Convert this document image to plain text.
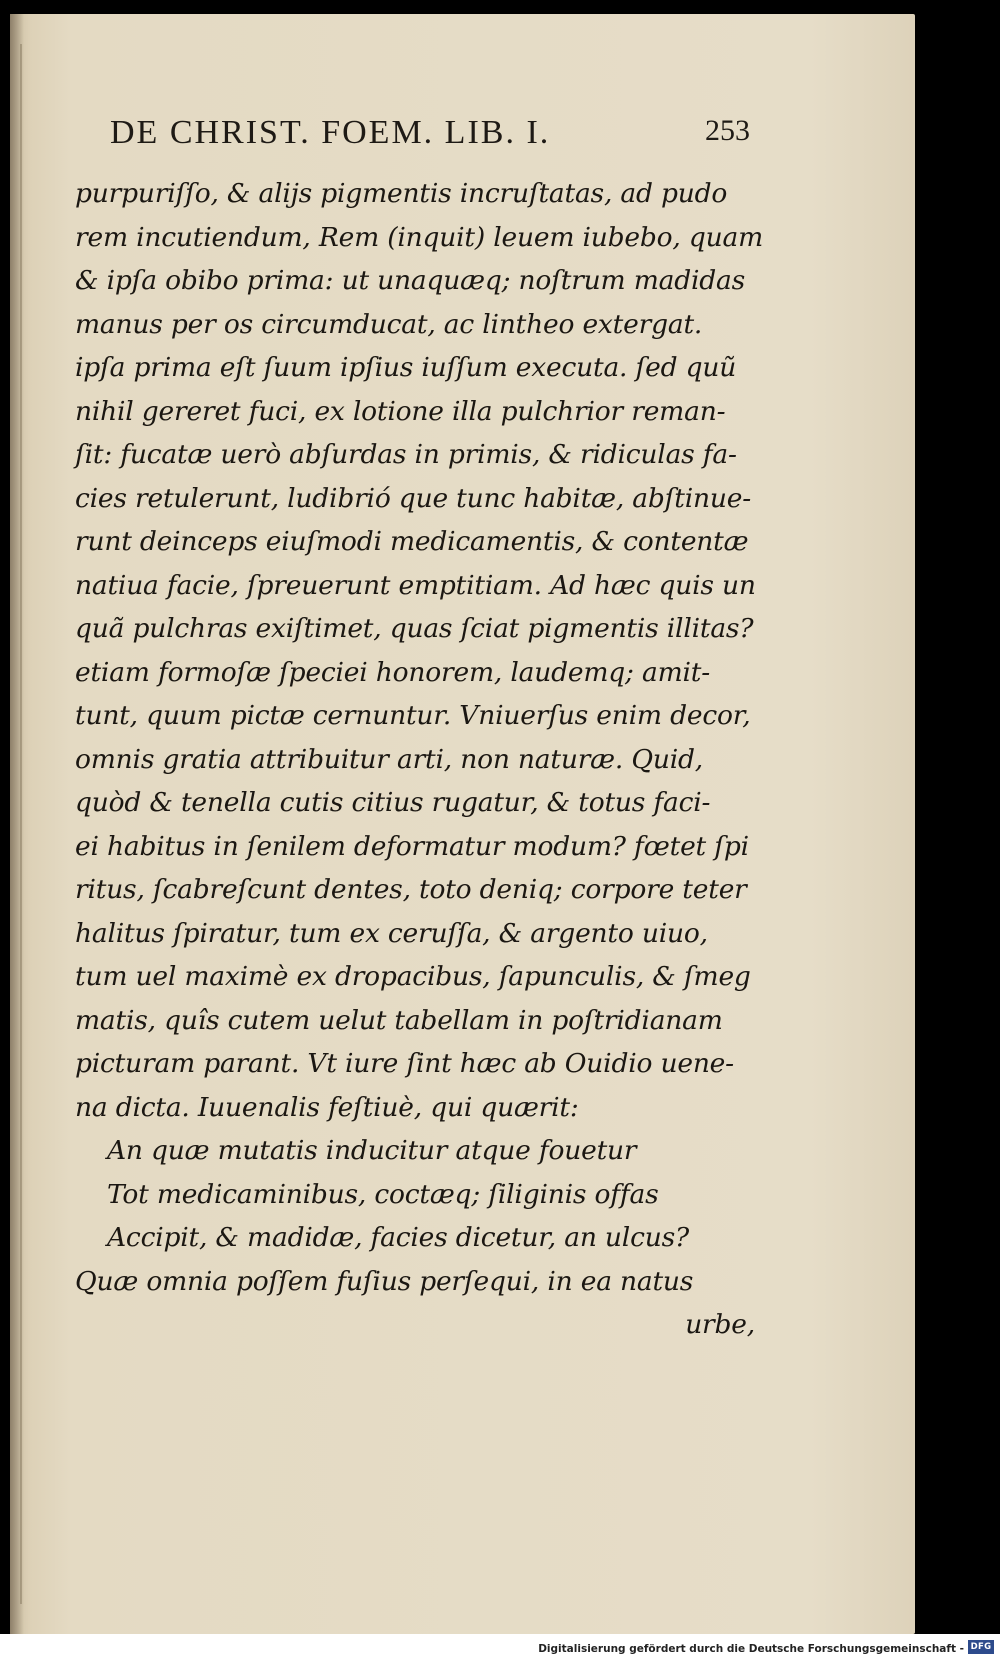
DE CHRIST. FOEM. LIB. I.	253
purpuriſſo, & alijs pigmentis incruſtatas, ad pudo
rem incutiendum, Rem (inquit) leuem iubebo, quam
& ipſa obibo prima: ut unaquæq; noſtrum madidas
manus per os circumducat, ac lintheo extergat.
ipſa prima eſt ſuum ipſius iuſſum executa. ſed quũ
nihil gereret fuci, ex lotione illa pulchrior reman-
ſit: fucatæ uerò abſurdas in primis, & ridiculas fa-
cies retulerunt, ludibrió que tunc habitæ, abſtinue-
runt deinceps eiuſmodi medicamentis, & contentæ
natiua facie, ſpreuerunt emptitiam. Ad hæc quis un
quã pulchras exiſtimet, quas ſciat pigmentis illitas?
etiam formoſæ ſpeciei honorem, laudemq; amit-
tunt, quum pictæ cernuntur. Vniuerſus enim decor,
omnis gratia attribuitur arti, non naturæ. Quid,
quòd & tenella cutis citius rugatur, & totus faci-
ei habitus in ſenilem deformatur modum? fœtet ſpi
ritus, ſcabreſcunt dentes, toto deniq; corpore teter
halitus ſpiratur, tum ex ceruſſa, & argento uiuo,
tum uel maximè ex dropacibus, ſapunculis, & ſmeg
matis, quîs cutem uelut tabellam in poſtridianam
picturam parant. Vt iure ſint hæc ab Ouidio uene-
na dicta. Iuuenalis feſtiuè, qui quærit:
An quæ mutatis inducitur atque fouetur
Tot medicaminibus, coctæq; ſiliginis offas
Accipit, & madidæ, facies dicetur, an ulcus?
Quæ omnia poſſem fuſius perſequi, in ea natus
urbe,
Digitalisierung gefördert durch die Deutsche Forschungsgemeinschaft - DFG
